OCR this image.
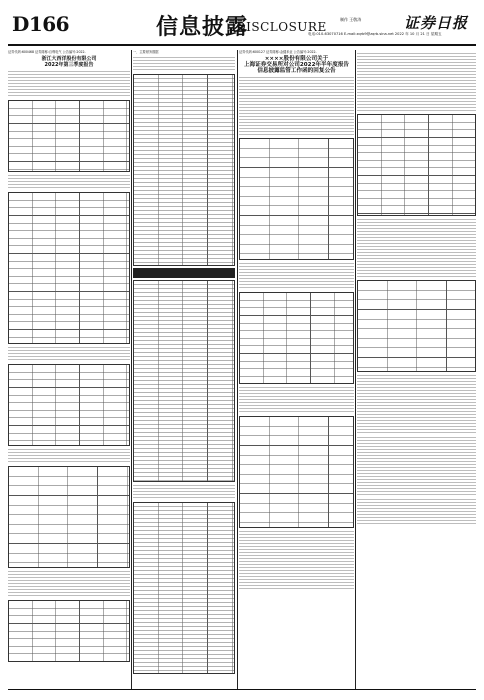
D166	信息披露
DISCLOSURE
制作 王敬涛
电话:010-63070716 E-mail:zqrb9@zqrb.sina.net 2022 年 10 月 21 日 星期五
证券日报
证券代码:600468 证券简称:百利电气 公告编号:2022-
浙江大西洋股份有限公司
2022年第三季度报告
一、主要财务数据	证券代码:600127 证券简称:金健米业 公告编号:2022-
××××股份有限公司关于
上海证券交易所对公司2022年半年度报告
信息披露监管工作函的回复公告
